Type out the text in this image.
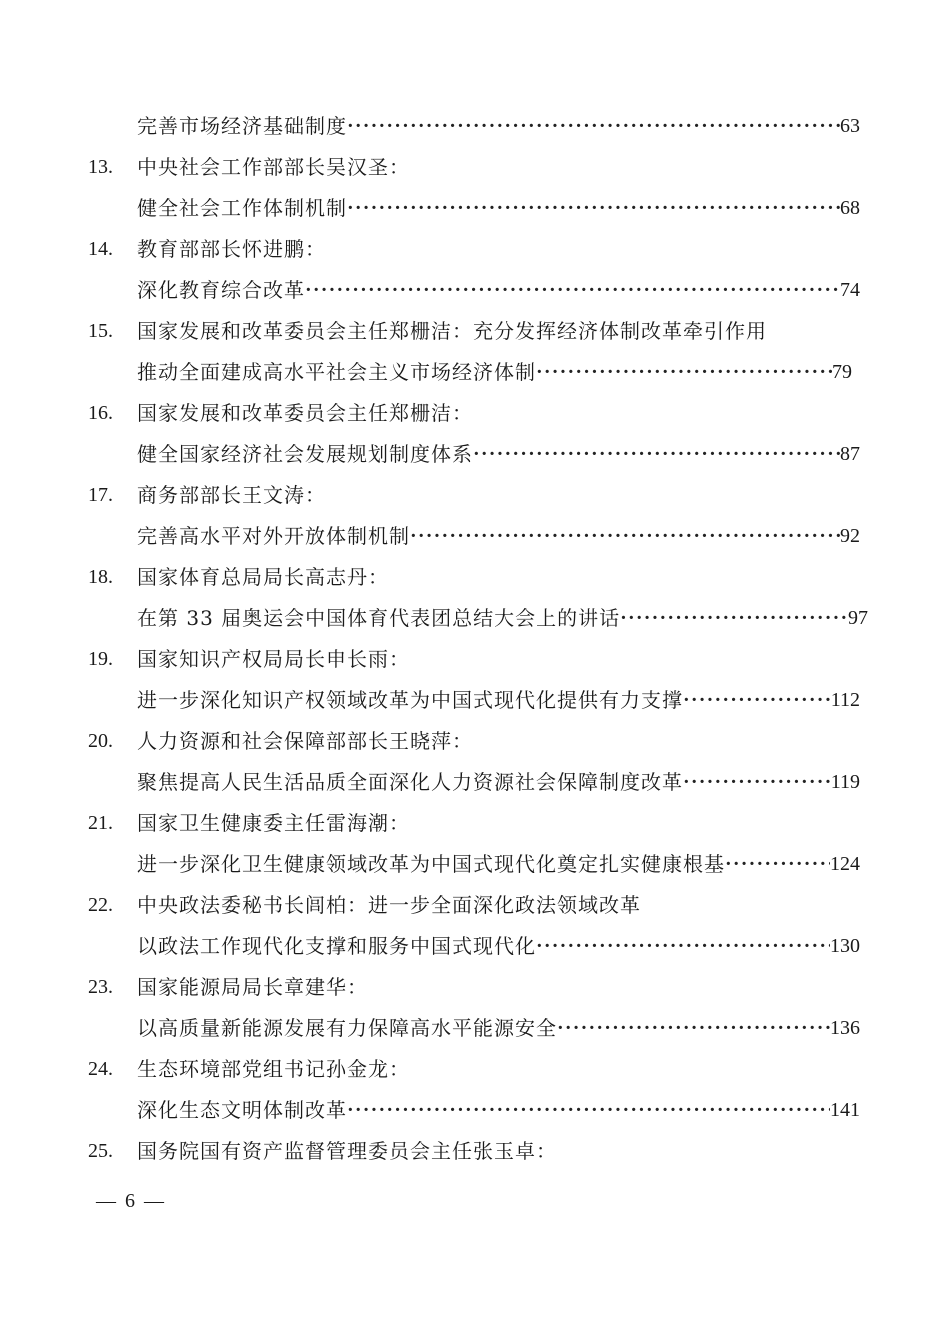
完善市场经济基础制度 ·····	63
13.	中央社会工作部部长吴汉圣：
健全社会工作体制机制 ·····	68
14.	教育部部长怀进鹏：
深化教育综合改革 ·····	74
15.	国家发展和改革委员会主任郑栅洁：充分发挥经济体制改革牵引作用
推动全面建成高水平社会主义市场经济体制 ·····	79
16.	国家发展和改革委员会主任郑栅洁：
健全国家经济社会发展规划制度体系 ·····	87
17.	商务部部长王文涛：
完善高水平对外开放体制机制 ·····	92
18.	国家体育总局局长高志丹：
在第 33 届奥运会中国体育代表团总结大会上的讲话 ·····	97
19.	国家知识产权局局长申长雨：
进一步深化知识产权领域改革为中国式现代化提供有力支撑 ·····	112
20.	人力资源和社会保障部部长王晓萍：
聚焦提高人民生活品质全面深化人力资源社会保障制度改革 ·····	119
21.	国家卫生健康委主任雷海潮：
进一步深化卫生健康领域改革为中国式现代化奠定扎实健康根基 ·····	124
22.	中央政法委秘书长闾柏：进一步全面深化政法领域改革
以政法工作现代化支撑和服务中国式现代化 ·····	130
23.	国家能源局局长章建华：
以高质量新能源发展有力保障高水平能源安全 ·····	136
24.	生态环境部党组书记孙金龙：
深化生态文明体制改革 ·····	141
25.	国务院国有资产监督管理委员会主任张玉卓：
— 6 —
